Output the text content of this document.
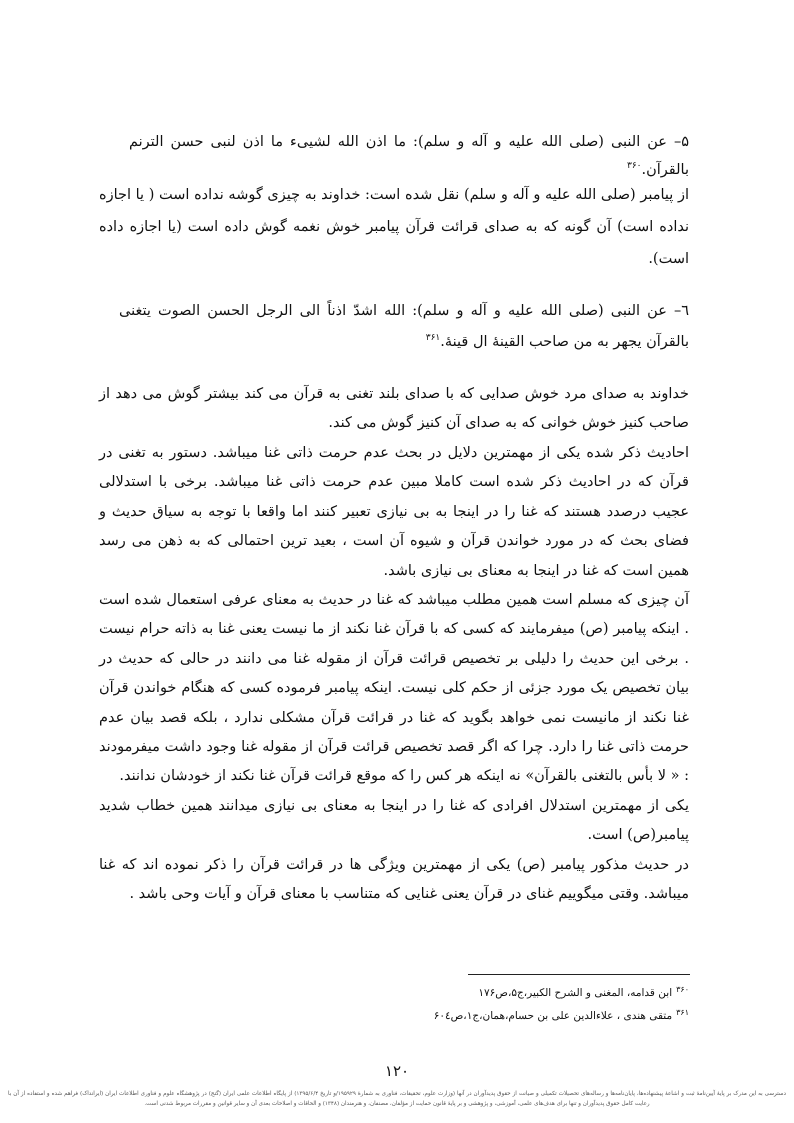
۵– عن النبی (صلی الله علیه و آله و سلم): ما اذن الله لشییء ما اذن لنبی حسن الترنم بالقرآن.$^{۳۶۰}$

از پیامبر (صلی الله علیه و آله و سلم) نقل شده است: خداوند به چیزی گوشه نداده است ( یا اجازه نداده است) آن گونه که به صدای قرائت قرآن پیامبر خوش نغمه گوش داده است (یا اجازه داده است).

٦– عن النبی (صلی الله علیه و آله و سلم): الله اشدّ اذناً الی الرجل الحسن الصوت یتغنی بالقرآن یجهر به من صاحب القینهٔ ال قینهٔ.$^{۳۶۱}$

خداوند به صدای مرد خوش صدایی که با صدای بلند تغنی به قرآن می کند بیشتر گوش می دهد از صاحب کنیز خوش خوانی که به صدای آن کنیز گوش می کند.

احادیث ذکر شده یکی از مهمترین دلایل در بحث عدم حرمت ذاتی غنا میباشد. دستور به تغنی در قرآن که در احادیث ذکر شده است کاملا مبین عدم حرمت ذاتی غنا میباشد. برخی با استدلالی عجیب درصدد هستند که غنا را در اینجا به بی نیازی تعبیر کنند اما واقعا با توجه به سیاق حدیث و فضای بحث که در مورد خواندن قرآن و شیوه آن است ، بعید ترین احتمالی که به ذهن می رسد همین است که غنا در اینجا به معنای بی نیازی باشد.

آن چیزی که مسلم است همین مطلب میباشد که غنا در حدیث به معنای عرفی استعمال شده است . اینکه پیامبر (ص) میفرمایند که کسی که با قرآن غنا نکند از ما نیست یعنی غنا به ذاته حرام نیست . برخی این حدیث را دلیلی بر تخصیص قرائت قرآن از مقوله غنا می دانند در حالی که حدیث در بیان تخصیص یک مورد جزئی از حکم کلی نیست. اینکه پیامبر فرموده کسی که هنگام خواندن قرآن غنا نکند از مانیست نمی خواهد بگوید که غنا در قرائت قرآن مشکلی ندارد ، بلکه قصد بیان عدم حرمت ذاتی غنا را دارد. چرا که اگر قصد تخصیص قرائت قرآن از مقوله غنا وجود داشت میفرمودند : « لا بأس بالتغنی بالقرآن» نه اینکه هر کس را که موقع قرائت قرآن غنا نکند از خودشان ندانند.

یکی از مهمترین استدلال افرادی که غنا را در اینجا به معنای بی نیازی میدانند همین خطاب شدید پیامبر(ص) است.

در حدیث مذکور پیامبر (ص) یکی از مهمترین ویژگی ها در قرائت قرآن را ذکر نموده اند که غنا میباشد. وقتی میگوییم غنای در قرآن یعنی غنایی که متناسب با معنای قرآن و آیات وحی باشد .

$^{۳۶۰}$ابن قدامه، المغنی و الشرح الکبیر،ج۵،ص۱۷۶

$^{۳۶۱}$متقی هندی ، علاءالدین علی بن حسام،همان،ج۱،ص۶۰٤

۱۲۰
دسترسی به این مدرک بر پایهٔ آیین‌نامهٔ ثبت و اشاعهٔ پیشنهاده‌ها، پایان‌نامه‌ها و رساله‌های تحصیلات تکمیلی و صیانت از حقوق پدیدآوران در آنها (وزارت علوم، تحقیقات، فناوری به شمارهٔ ۱۹۵۹۲۹/و تاریخ ۱۳۹۵/۶/۴) از پایگاه اطلاعات علمی ایران (گنج) در پژوهشگاه علوم و فناوری اطلاعات ایران (ایرانداک) فراهم شده و استفاده از آن با رعایت کامل حقوق پدیدآوران و تنها برای هدف‌های علمی، آموزشی، و پژوهشی و بر پایهٔ قانون حمایت از مؤلفان، مصنفان، و هنرمندان (۱۳۴۸) و الحاقات و اصلاحات بعدی آن و سایر قوانین و مقررات مربوط شدنی است.
